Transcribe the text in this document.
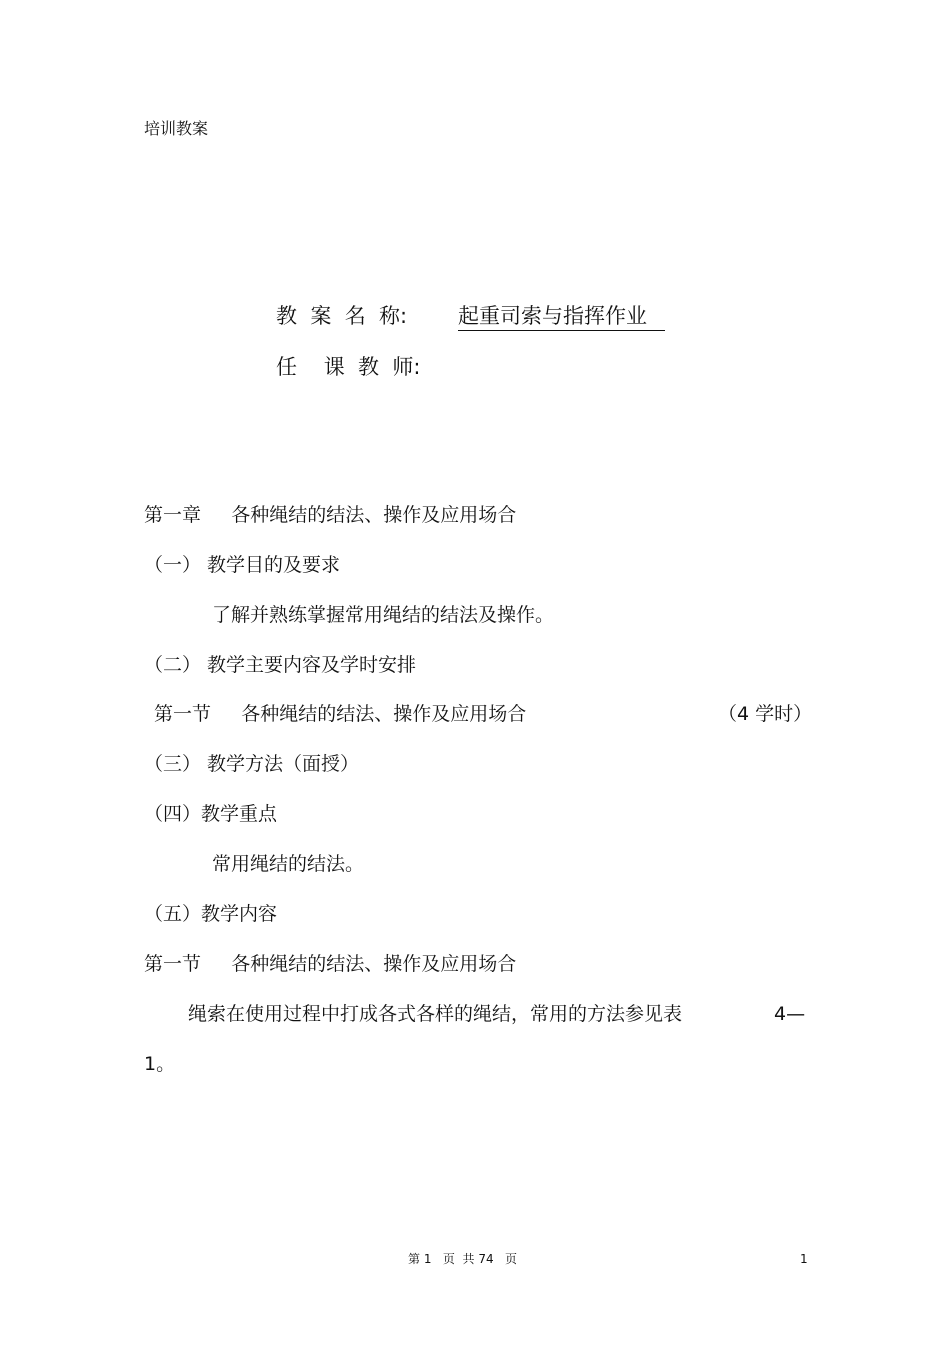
培训教案
教  案  名  称: 起重司索与指挥作业
任    课  教  师:
第一章     各种绳结的结法、操作及应用场合
（一） 教学目的及要求
了解并熟练掌握常用绳结的结法及操作。
（二） 教学主要内容及学时安排
第一节     各种绳结的结法、操作及应用场合	（4 学时）
（三） 教学方法（面授）
（四）教学重点
常用绳结的结法。
（五）教学内容
第一节     各种绳结的结法、操作及应用场合
绳索在使用过程中打成各式各样的绳结，常用的方法参见表	4—
1。
第 1   页  共 74   页	1
